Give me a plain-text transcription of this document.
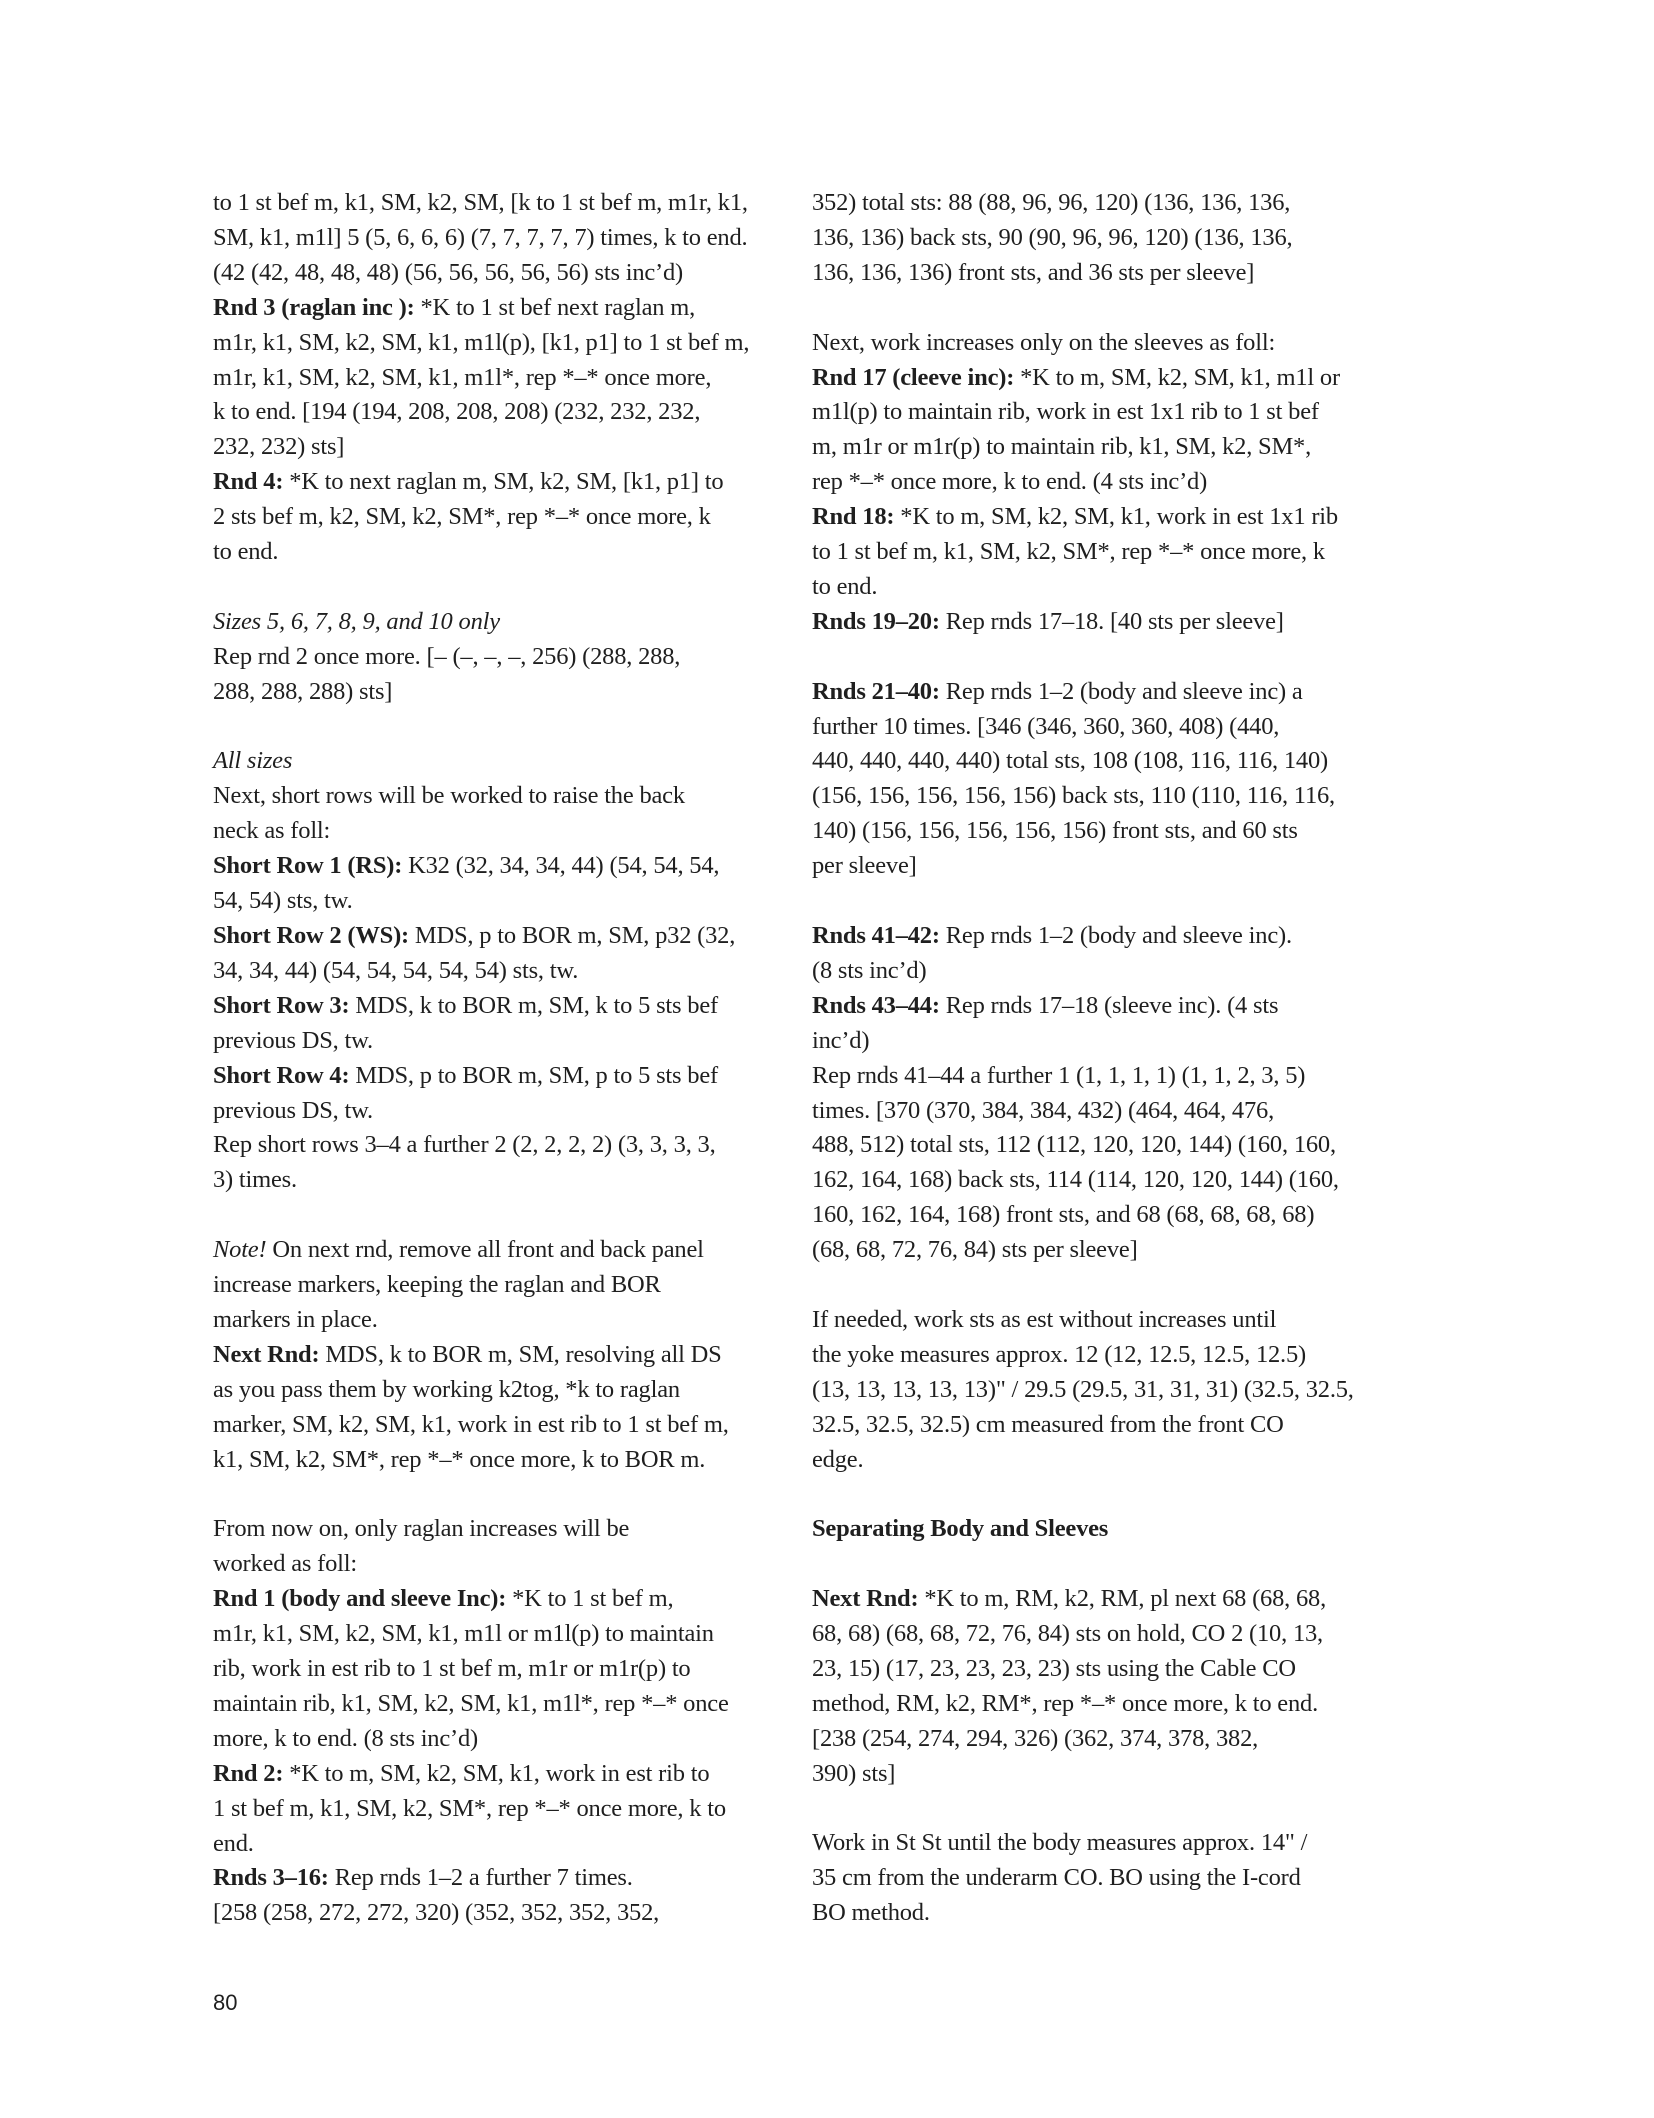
to 1 st bef m, k1, SM, k2, SM, [k to 1 st bef m, m1r, k1,
SM, k1, m1l] 5 (5, 6, 6, 6) (7, 7, 7, 7, 7) times, k to end.
(42 (42, 48, 48, 48) (56, 56, 56, 56, 56) sts inc’d)
Rnd 3 (raglan inc ): *K to 1 st bef next raglan m,
m1r, k1, SM, k2, SM, k1, m1l(p), [k1, p1] to 1 st bef m,
m1r, k1, SM, k2, SM, k1, m1l*, rep *–* once more,
k to end. [194 (194, 208, 208, 208) (232, 232, 232,
232, 232) sts]
Rnd 4: *K to next raglan m, SM, k2, SM, [k1, p1] to
2 sts bef m, k2, SM, k2, SM*, rep *–* once more, k
to end.
Sizes 5, 6, 7, 8, 9, and 10 only
Rep rnd 2 once more. [– (–, –, –, 256) (288, 288,
288, 288, 288) sts]
All sizes
Next, short rows will be worked to raise the back
neck as foll:
Short Row 1 (RS): K32 (32, 34, 34, 44) (54, 54, 54,
54, 54) sts, tw.
Short Row 2 (WS): MDS, p to BOR m, SM, p32 (32,
34, 34, 44) (54, 54, 54, 54, 54) sts, tw.
Short Row 3: MDS, k to BOR m, SM, k to 5 sts bef
previous DS, tw.
Short Row 4: MDS, p to BOR m, SM, p to 5 sts bef
previous DS, tw.
Rep short rows 3–4 a further 2 (2, 2, 2, 2) (3, 3, 3, 3,
3) times.
Note! On next rnd, remove all front and back panel
increase markers, keeping the raglan and BOR
markers in place.
Next Rnd: MDS, k to BOR m, SM, resolving all DS
as you pass them by working k2tog, *k to raglan
marker, SM, k2, SM, k1, work in est rib to 1 st bef m,
k1, SM, k2, SM*, rep *–* once more, k to BOR m.
From now on, only raglan increases will be
worked as foll:
Rnd 1 (body and sleeve Inc): *K to 1 st bef m,
m1r, k1, SM, k2, SM, k1, m1l or m1l(p) to maintain
rib, work in est rib to 1 st bef m, m1r or m1r(p) to
maintain rib, k1, SM, k2, SM, k1, m1l*, rep *–* once
more, k to end. (8 sts inc’d)
Rnd 2: *K to m, SM, k2, SM, k1, work in est rib to
1 st bef m, k1, SM, k2, SM*, rep *–* once more, k to
end.
Rnds 3–16: Rep rnds 1–2 a further 7 times.
[258 (258, 272, 272, 320) (352, 352, 352, 352,
352) total sts: 88 (88, 96, 96, 120) (136, 136, 136,
136, 136) back sts, 90 (90, 96, 96, 120) (136, 136,
136, 136, 136) front sts, and 36 sts per sleeve]
Next, work increases only on the sleeves as foll:
Rnd 17 (cleeve inc): *K to m, SM, k2, SM, k1, m1l or
m1l(p) to maintain rib, work in est 1x1 rib to 1 st bef
m, m1r or m1r(p) to maintain rib, k1, SM, k2, SM*,
rep *–* once more, k to end. (4 sts inc’d)
Rnd 18: *K to m, SM, k2, SM, k1, work in est 1x1 rib
to 1 st bef m, k1, SM, k2, SM*, rep *–* once more, k
to end.
Rnds 19–20: Rep rnds 17–18. [40 sts per sleeve]
Rnds 21–40: Rep rnds 1–2 (body and sleeve inc) a
further 10 times. [346 (346, 360, 360, 408) (440,
440, 440, 440, 440) total sts, 108 (108, 116, 116, 140)
(156, 156, 156, 156, 156) back sts, 110 (110, 116, 116,
140) (156, 156, 156, 156, 156) front sts, and 60 sts
per sleeve]
Rnds 41–42: Rep rnds 1–2 (body and sleeve inc).
(8 sts inc’d)
Rnds 43–44: Rep rnds 17–18 (sleeve inc). (4 sts
inc’d)
Rep rnds 41–44 a further 1 (1, 1, 1, 1) (1, 1, 2, 3, 5)
times. [370 (370, 384, 384, 432) (464, 464, 476,
488, 512) total sts, 112 (112, 120, 120, 144) (160, 160,
162, 164, 168) back sts, 114 (114, 120, 120, 144) (160,
160, 162, 164, 168) front sts, and 68 (68, 68, 68, 68)
(68, 68, 72, 76, 84) sts per sleeve]
If needed, work sts as est without increases until
the yoke measures approx. 12 (12, 12.5, 12.5, 12.5)
(13, 13, 13, 13, 13)" / 29.5 (29.5, 31, 31, 31) (32.5, 32.5,
32.5, 32.5, 32.5) cm measured from the front CO
edge.
Separating Body and Sleeves
Next Rnd: *K to m, RM, k2, RM, pl next 68 (68, 68,
68, 68) (68, 68, 72, 76, 84) sts on hold, CO 2 (10, 13,
23, 15) (17, 23, 23, 23, 23) sts using the Cable CO
method, RM, k2, RM*, rep *–* once more, k to end.
[238 (254, 274, 294, 326) (362, 374, 378, 382,
390) sts]
Work in St St until the body measures approx. 14" /
35 cm from the underarm CO. BO using the I-cord
BO method.
80
